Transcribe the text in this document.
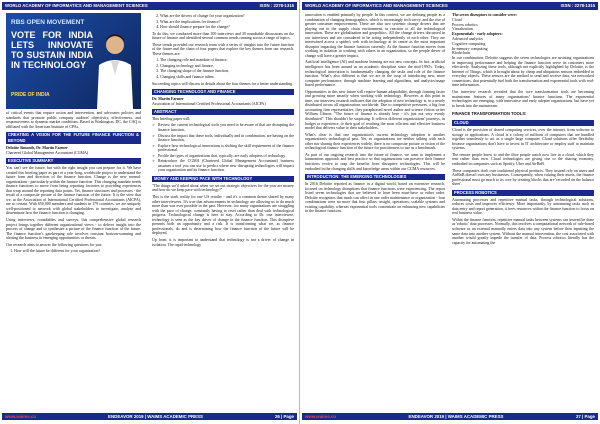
WORLD ACADEMY OF INFORMATICS AND MANAGEMENT SCIENCES	ISSN : 2278-1315
RBS OPEN MOVEMENT
VOTE FOR INDIA LETS INNOVATE TO SUSTAIN INDIA IN TECHNOLOGY
PRIDE OF INDIA

of critical events that require action and intervention, and advocates policies and standards that promote public company auditors' objectivity, effectiveness, and responsiveness to dynamic market conditions. Based in Washington, DC, the CAQ is affiliated with the American Institute of CPAs.

CREATING A VISION FOR THE FUTURE FINANCE FUNCTION & BEYOND
Deloitte Simonds, Dr. Martin Farmer
Chartered Global Management Accountant (CGMA)
EXECUTIVE SUMMARY

You can't see the future, but with the right insight you can prepare for it. We have created this briefing paper as part of a year-long, worldwide project to understand the future form and direction of the finance function. Change is the new normal: organizations - particularly within the finance function. This changing mandate needs finance functions to move from being reporting factories to providing experiences that wrap around the reporting data points. Yet, finance structures and processes - the result of a composite picture of the finance function of the future. It is the view that we, at the Association of International Certified Professional Accountants (AICPA), are so certain. With 650,000 members and students in 179 countries, we are uniquely well-positioned to network with global stakeholders to investigate, analyze and disseminate how the finance function is changing.

Using interviews, roundtables and surveys, this comprehensive global research project brings together different organizational views - to deliver insight into the process of change and to synthesize a picture of the finance function of the future. The finance function's gatekeeping role involves constant horizon-scanning and alerting the business to emerging opportunities or threats.

Our research aims to answer the following questions for you:

1. How will the future be different for your organization?
2. What are the drivers of change for your organization?
3. What are the implications for finance?
4. How should finance prepare for the change?

To do this, we conducted more than 100 interviews and 30 roundtable discussions on the future of finance and identified several common trends running across a range of topics.

These trends provided our research team with a series of insights into the future function of the future and the chain of four papers that explore the key themes from our research. These themes are:

1. The changing role and mandate of finance,
2. Changing technology and finance,
3. The changing shape of the finance function,
4. Changing skills and finance talent.

Succeeding topics will discuss in details about the four themes for a better understanding.

CHANGING TECHNOLOGY AND FINANCE
Dr. Martin Farmer
Association of International Certified Professional Accountants (AICPA)
ABSTRACT

This briefing paper will:

➢ Review the current technological tools you need to be aware of that are disrupting the finance function,
➢ Discuss the impact that these tools, individually and in combination, are having on the finance function,
➢ Explore how technological innovations is shifting the skill requirement of the finance professional.
➢ Profile the types of organizations that, typically, are early adopters of technology.
➢ Reintroduce the CGMA (Chartered Global Management Accountant) business assumes a tool you can use to predict where new disrupting technologies will impact your organization and its finance function.
MONEY AND KEEPING PACE WITH TECHNOLOGY

"The things we'd asked about when we set out strategic objectives for the year are money and how do we keep pace with technology?"

This is the stark reality for one US retailer - and it's a common theme shared by many other interviewees. It's true that advancements in technology are allowing us to do much more than was ever possible in the past. However, too many organizations are struggling with the pace of change, constantly having to reset rather than deal with technological progress. Technological change is here to stay. According to Dr. one interviewee, technology is seen as the key driver of change in the finance function. This disruptive presents both an opportunity and a risk. It is transforming what we, as finance professionals, do and is determining how the finance function of the future will be deployed.

Up front, it is important to understand that technology is not a driver of change in isolation. The rapid technology

www.waims.co	ENDEAVOR 2019 | WAIMS ACADEMIC PRESS	26 | Page
WORLD ACADEMY OF INFORMATICS AND MANAGEMENT SCIENCES	ISSN : 2278-1315

innovation is enabled primarily by people. In this context, we are defining people as a combination of changing demographics, which is increasingly tech savvy, and the rise of greater consumer empowerment. These are also two systemic change drivers that are playing out in the supply chain environment, in reaction to all the technological innovation. These are globalization and geopolitics. All the change drivers discussed in our interviews and are considered to be acting independently of each other. They are intertwined across a spider's web with technology at its centre as the most important disruptor impacting the finance function currently. As the finance function moves from working in isolation to working with others in an organization, so the people driver of change will have a greater impact.

Artificial intelligence (AI) and machine learning are not new concepts. In fact, artificial intelligence has been around as an academic discipline since the mid-1950's. Today, technological innovation is fundamentally changing the tasks and role of the finance function. What's also different is that we are in the cusp of introducing new, more computer performance, through machine learning and algorithms, and analytics/usage based performance.

Opportunities in this new future will require human adaptability, through forming faster and growing more smartly when working with technology. However, at this point in time, our interview research indicates that the adoption of new technology is, in a nearly distributed across all organizations worldwide. Due to competitive pressures, a big four accounting firm representative, they paraphrased novel author and science fiction writer William Gibson: "The future of finance is already here - it's just not very evenly distributed". This shouldn't be surprising. It reflects different organizations' journeys, in budget or experience, to their goal of reaching the most efficient and effective business model that delivers value to their stakeholders.

What's clear is that one organization's current technology adoption is another organization's technological past. Yet, as organizations are neither talking with each other nor sharing their experiences widely, there is no composite picture or vision of the technological finance function of the future for practitioners to use as a benchmark.

As part of our ongoing research into the future of finance, we want to implement a harmonious approach and best practice so that organizations can preserve their finance functions evolve to reap the benefits from disruptive technologies. This will be embodied in the changing skills and knowledge areas within our CGMA resources.

INTRODUCTION: THE EMERGING TECHNOLOGIES

In 2016 Deloitte reported as finance in a digital world, based on extensive research, focused on technology disruptions that finance functions were experiencing. The report listed seven technologies that are believed to have been must-have or either order. Deloitte recognizes that much can affect in one order maintenance or organization - four combinations were no more that four pillars: insight, operations, scalable systems and existing capability, whereas exponential tools concentrate on enhancing new capabilities in the finance function.

The seven disruptors to consider were:
Cloud
Process robotics
Visualization
Exponentials - early adopters:
Advanced analytics
Cognitive computing
In-memory computing
Blockchain

In our combination, Deloitte suggests the seven technologies are assisting organizations in improving performance and helping the finance function serve its customers more effectively. Analyzing these tools, although not explicitly highlighted by Deloitte, is the Internet of Things, which is brought about by cheap and ubiquitous sensors embedded in everyday objects. These sensors are the method to send and receive data, via networked connections, that potentially fuel both the transformation and exponential tools with real-time information.

Our interview research revealed that the core transformation tools are becoming mainstream features of many organizations' finance functions. The exponential technologies are emerging, with innovative and early adopter organizations, but have yet to break into the mainstream.

FINANCE TRANSFORMATION TOOLS:
CLOUD

Cloud is the provision of shared computing services, over the internet, from software to storage or applications. A cloud is a colony of millions of computers that are bundled together seamlessly to act as a single large computer. Cloud solutions offer flexibility because organizations don't have to invest in IT architecture or employ staff to maintain systems.

The remote people know to and the fibre people watch now live in a cloud, which they rent rather than own. Cloud technologies are giving rise to the sharing economy, embodied in companies such as Spotify, Uber and AirBnB.

These companies don't own traditional physical products. They instead rely on users and AirBnB doesn't own any businesses. Consequently, when valuing their assets, the finance professional must go much to its core by creating blocks that are 'recorded on the balance sheet'.

PROCESS ROBOTICS

Automating processes and repetitive manual tasks, through technological solutions, reduces costs and improves efficiency. More importantly, by automating tasks such as data entry and report generation, it frees resources within the finance function to focus on real business value.

Within the finance function, repetitive manual tasks between systems can instead be done as 'robotic' data processes. Normally, this involves a computational network of rule-based software as an external manually enters data into any system before then inputting the same data into another system. Without the manual intervention, the cost associated with another would greatly impede the transfer of data. Process robotics literally has the capacity for automating the

www.waims.co	ENDEAVOR 2019 | WAIMS ACADEMIC PRESS	27 | Page
